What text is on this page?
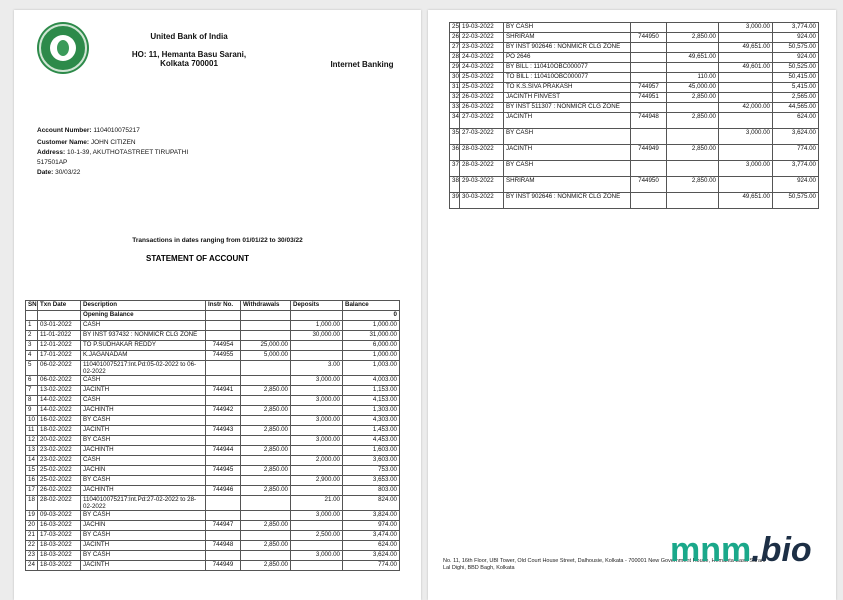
United Bank of India
HO: 11, Hemanta Basu Sarani,
Kolkata 700001	Internet Banking
Account Number: 1104010075217
Customer Name: JOHN CITIZEN
Address: 10-1-39, AKUTHOTASTREET TIRUPATHI
517501AP
Date: 30/03/22
Transactions in dates ranging from 01/01/22 to 30/03/22
STATEMENT OF ACCOUNT
SN	Txn Date	Description	Instr No.	Withdrawals	Deposits	Balance
		Opening Balance				0
1	03-01-2022	CASH			1,000.00	1,000.00
2	11-01-2022	BY INST 937432 : NONMICR CLG ZONE			30,000.00	31,000.00
3	12-01-2022	TO P.SUDHAKAR REDDY	744954	25,000.00		6,000.00
4	17-01-2022	K.JAGANADAM	744955	5,000.00		1,000.00
5	06-02-2022	1104010075217:Int.Pd:05-02-2022 to 06-02-2022			3.00	1,003.00
6	06-02-2022	CASH			3,000.00	4,003.00
7	13-02-2022	JACINTH	744941	2,850.00		1,153.00
8	14-02-2022	CASH			3,000.00	4,153.00
9	14-02-2022	JACHINTH	744942	2,850.00		1,303.00
10	16-02-2022	BY CASH			3,000.00	4,303.00
11	18-02-2022	JACINTH	744943	2,850.00		1,453.00
12	20-02-2022	BY CASH			3,000.00	4,453.00
13	23-02-2022	JACHINTH	744944	2,850.00		1,603.00
14	23-02-2022	CASH			2,000.00	3,603.00
15	25-02-2022	JACHIN	744945	2,850.00		753.00
16	25-02-2022	BY CASH			2,900.00	3,653.00
17	26-02-2022	JACHINTH	744946	2,850.00		803.00
18	28-02-2022	1104010075217:Int.Pd:27-02-2022 to 28-02-2022			21.00	824.00
19	09-03-2022	BY CASH			3,000.00	3,824.00
20	16-03-2022	JACHIN	744947	2,850.00		974.00
21	17-03-2022	BY CASH			2,500.00	3,474.00
22	18-03-2022	JACINTH	744948	2,850.00		624.00
23	18-03-2022	BY CASH			3,000.00	3,624.00
24	18-03-2022	JACINTH	744949	2,850.00		774.00
25	19-03-2022	BY CASH			3,000.00	3,774.00
26	22-03-2022	SHRIRAM	744950	2,850.00		924.00
27	23-03-2022	BY INST 902646 : NONMICR CLG ZONE			49,651.00	50,575.00
28	24-03-2022	PO 2646		49,651.00		924.00
29	24-03-2022	BY BILL : 110410OBC000077			49,601.00	50,525.00
30	25-03-2022	TO BILL : 110410OBC000077		110.00		50,415.00
31	25-03-2022	TO K.S.SIVA PRAKASH	744957	45,000.00		5,415.00
32	26-03-2022	JACINTH FINVEST	744951	2,850.00		2,565.00
33	26-03-2022	BY INST 511307 : NONMICR CLG ZONE			42,000.00	44,565.00
34	27-03-2022	JACINTH	744948	2,850.00		624.00
35	27-03-2022	BY CASH			3,000.00	3,624.00
36	28-03-2022	JACINTH	744949	2,850.00		774.00
37	28-03-2022	BY CASH			3,000.00	3,774.00
38	29-03-2022	SHRIRAM	744950	2,850.00		924.00
39	30-03-2022	BY INST 902646 : NONMICR CLG ZONE			49,651.00	50,575.00
No. 11, 16th Floor, UBI Tower, Old Court House Street, Dalhousie, Kolkata - 700001 New Government House, Hemanta Basu Sarani
Lal Dighi, BBD Bagh, Kolkata	mnm.bio
